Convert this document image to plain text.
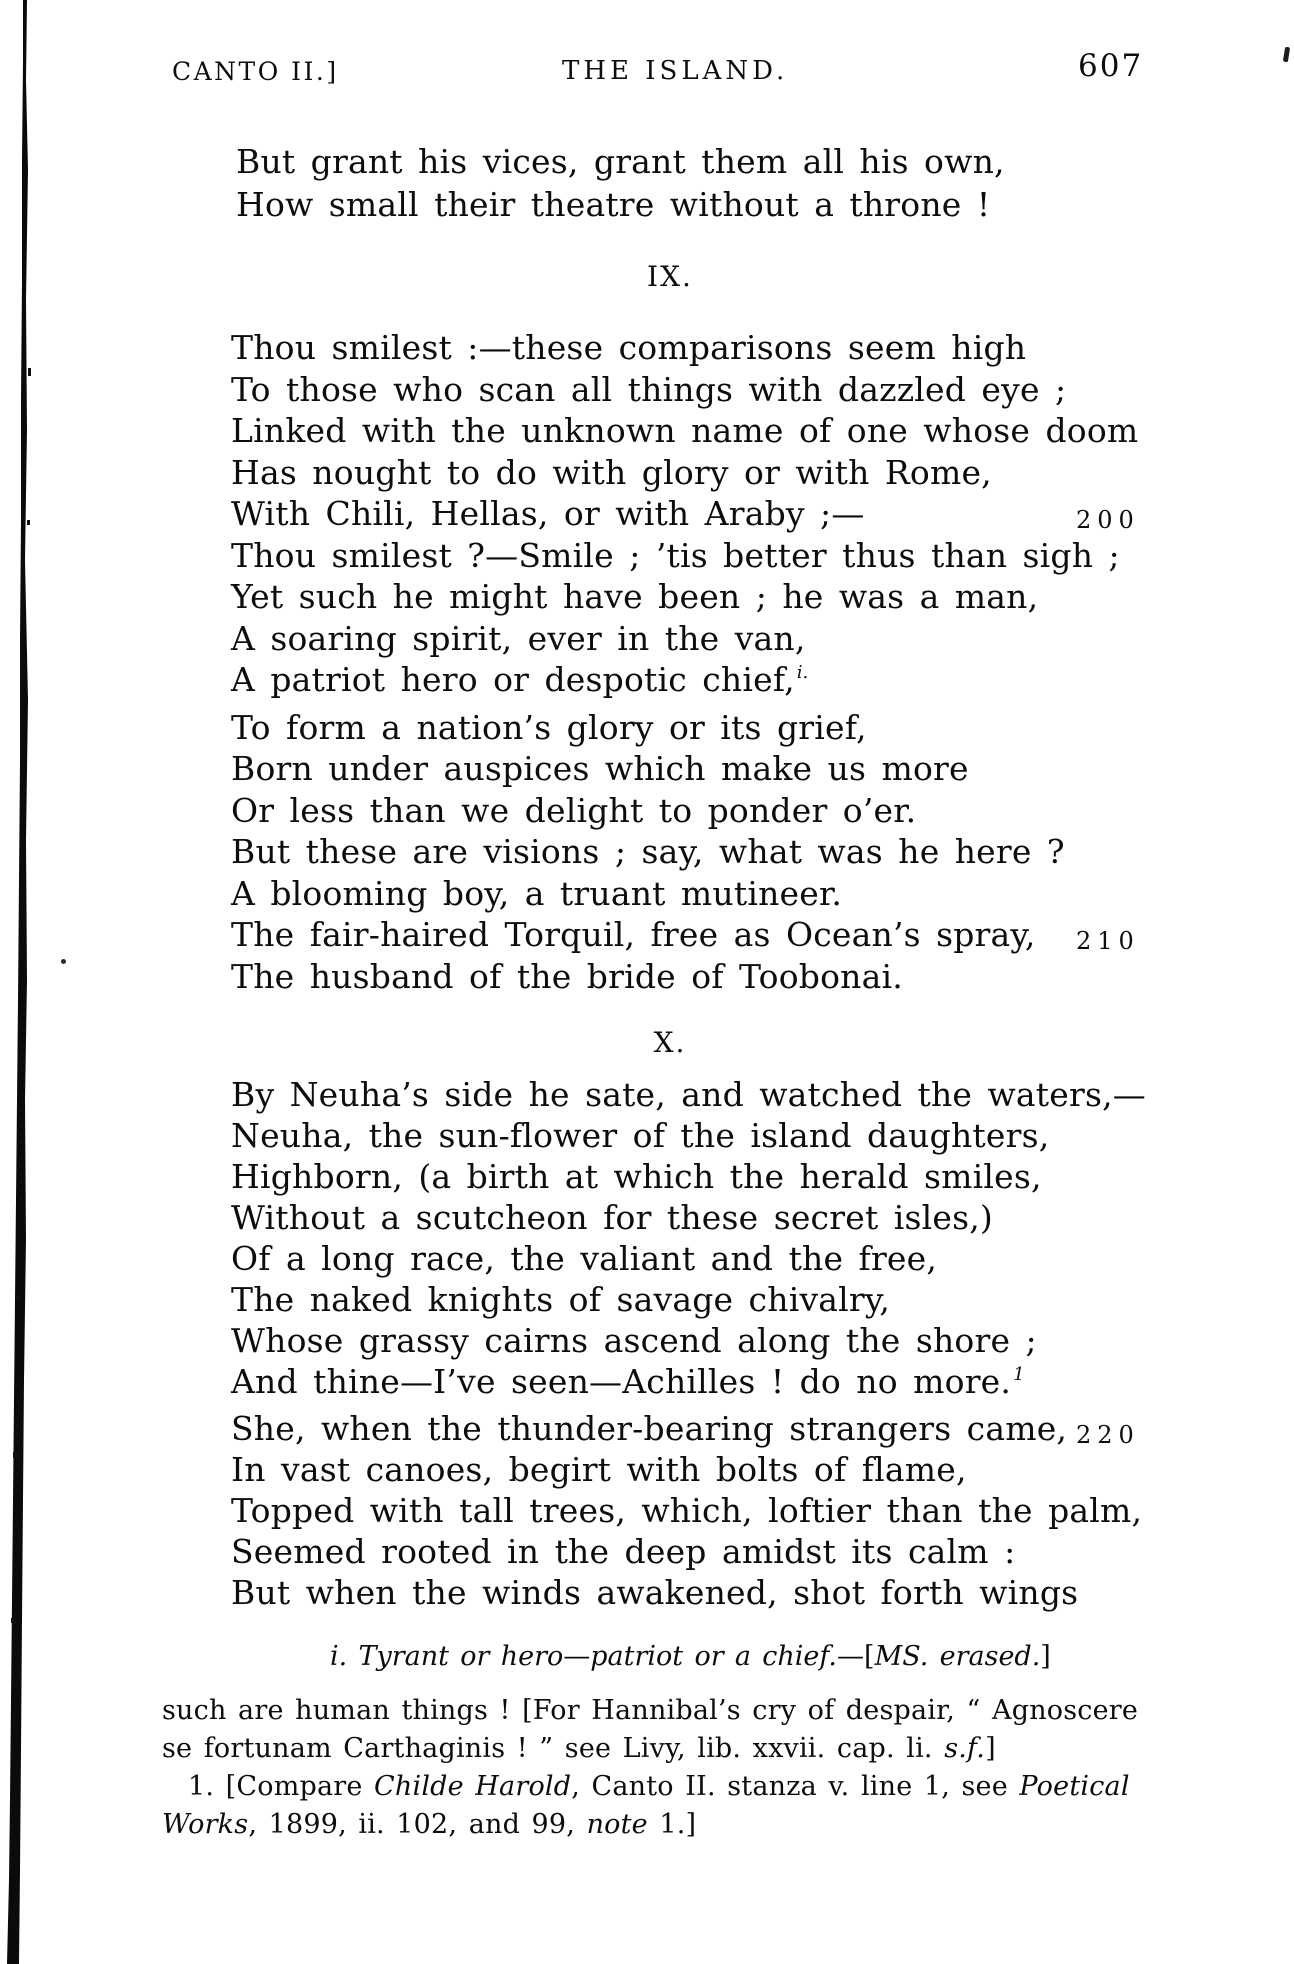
CANTO II.]	THE ISLAND.	607
But grant his vices, grant them all his own,
How small their theatre without a throne !
IX.
Thou smilest :—these comparisons seem high
To those who scan all things with dazzled eye ;
Linked with the unknown name of one whose doom
Has nought to do with glory or with Rome,
With Chili, Hellas, or with Araby ;—	200
Thou smilest ?—Smile ; ’tis better thus than sigh ;
Yet such he might have been ; he was a man,
A soaring spirit, ever in the van,
A patriot hero or despotic chief, $^{i.}$
To form a nation’s glory or its grief,
Born under auspices which make us more
Or less than we delight to ponder o’er.
But these are visions ; say, what was he here ?
A blooming boy, a truant mutineer.
The fair-haired Torquil, free as Ocean’s spray, 210
The husband of the bride of Toobonai.
X.
By Neuha’s side he sate, and watched the waters,—
Neuha, the sun-flower of the island daughters,
Highborn, (a birth at which the herald smiles,
Without a scutcheon for these secret isles,)
Of a long race, the valiant and the free,
The naked knights of savage chivalry,
Whose grassy cairns ascend along the shore ;
And thine—I’ve seen—Achilles ! do no more. $^1$
She, when the thunder-bearing strangers came, 220
In vast canoes, begirt with bolts of flame,
Topped with tall trees, which, loftier than the palm,
Seemed rooted in the deep amidst its calm :
But when the winds awakened, shot forth wings
i. Tyrant or hero—patriot or a chief.—[MS. erased.]
such are human things ! [For Hannibal’s cry of despair, “ Agnoscere
se fortunam Carthaginis ! ” see Livy, lib. xxvii. cap. li. s.f.]
1. [Compare Childe Harold, Canto II. stanza v. line 1, see Poetical
Works, 1899, ii. 102, and 99, note 1.]
